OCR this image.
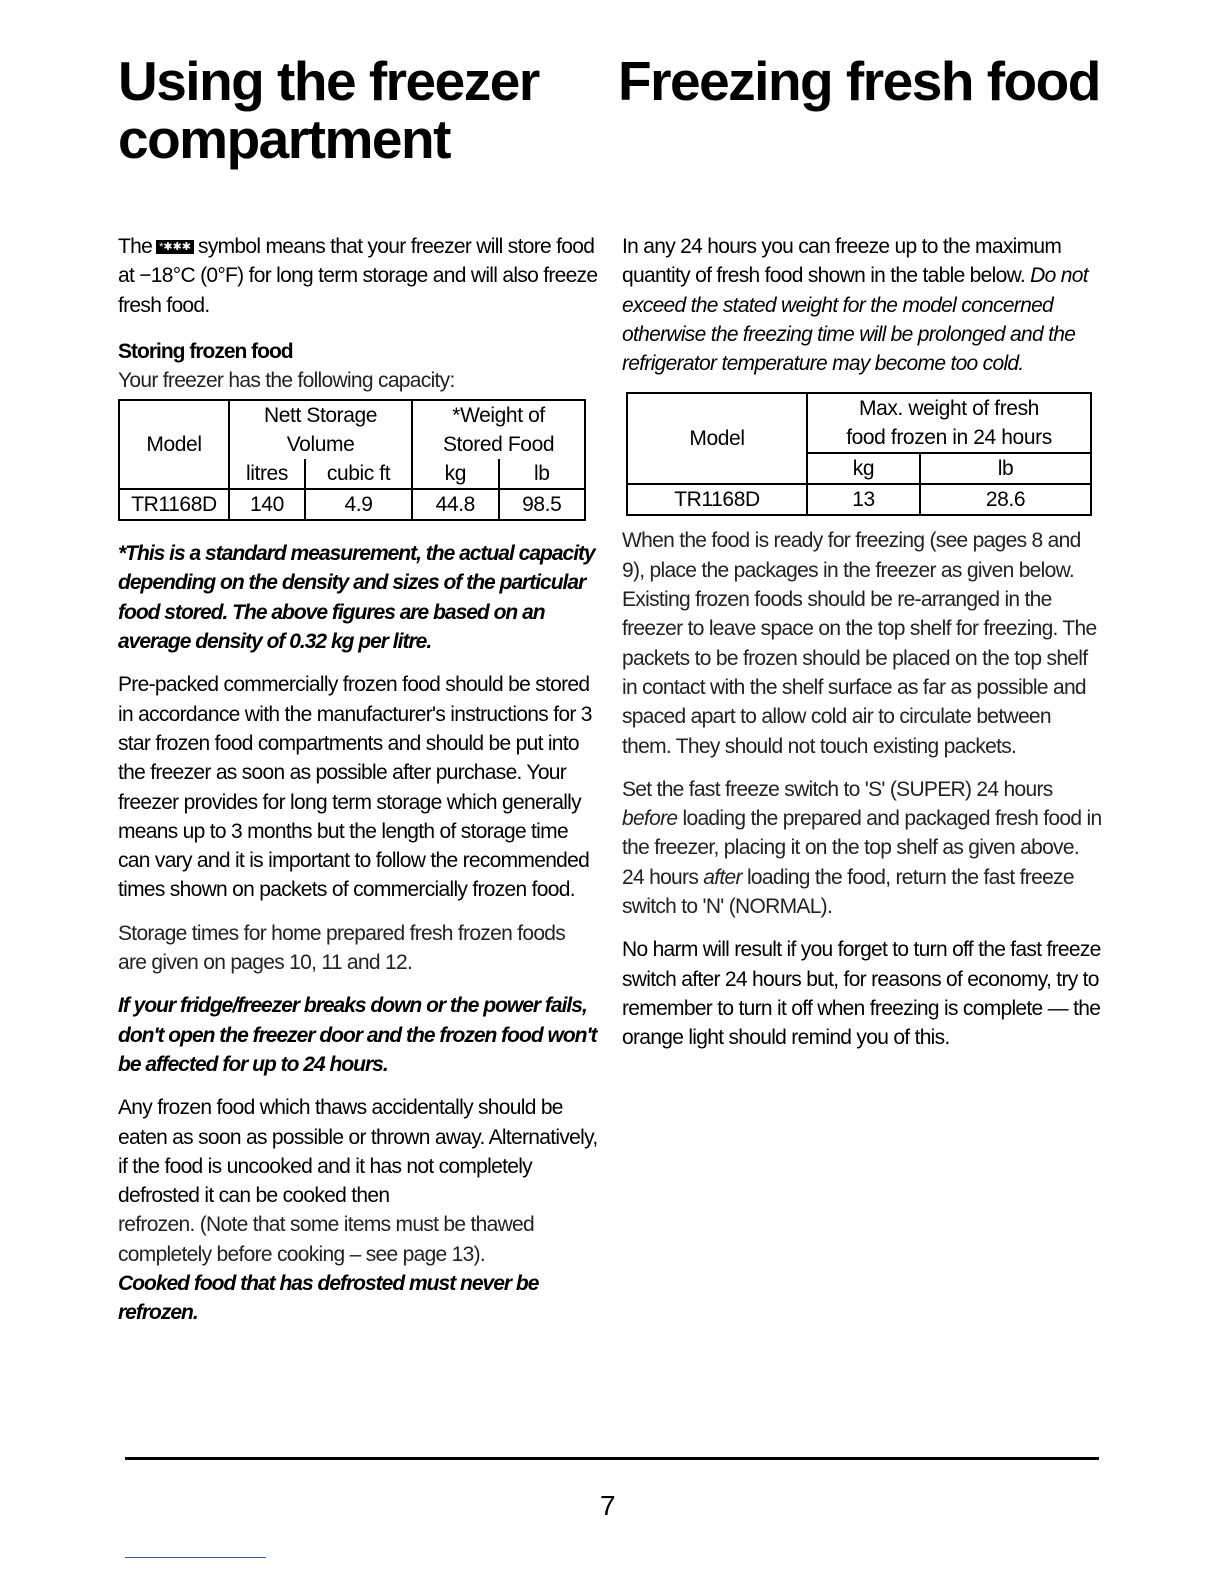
Using the freezer compartment
Freezing fresh food

The *✱✱✱ symbol means that your freezer will store food at −18°C (0°F) for long term storage and will also freeze fresh food.

Storing frozen food

Your freezer has the following capacity:

Model	Nett Storage Volume		*Weight of Stored Food	
	litres	cubic ft	kg	lb
TR1168D	140	4.9	44.8	98.5

*This is a standard measurement, the actual capacity depending on the density and sizes of the particular food stored. The above figures are based on an average density of 0.32 kg per litre.

Pre-packed commercially frozen food should be stored in accordance with the manufacturer's instructions for 3 star frozen food compartments and should be put into the freezer as soon as possible after purchase. Your freezer provides for long term storage which generally means up to 3 months but the length of storage time can vary and it is important to follow the recommended times shown on packets of commercially frozen food.

Storage times for home prepared fresh frozen foods are given on pages 10, 11 and 12.

If your fridge/freezer breaks down or the power fails, don't open the freezer door and the frozen food won't be affected for up to 24 hours.

Any frozen food which thaws accidentally should be eaten as soon as possible or thrown away. Alternatively, if the food is uncooked and it has not completely defrosted it can be cooked then

refrozen. (Note that some items must be thawed completely before cooking – see page 13).

Cooked food that has defrosted must never be refrozen.

In any 24 hours you can freeze up to the maximum quantity of fresh food shown in the table below. Do not exceed the stated weight for the model concerned otherwise the freezing time will be prolonged and the refrigerator temperature may become too cold.

Model	Max. weight of fresh food frozen in 24 hours	
	kg	lb
TR1168D	13	28.6

When the food is ready for freezing (see pages 8 and 9), place the packages in the freezer as given below. Existing frozen foods should be re-arranged in the freezer to leave space on the top shelf for freezing. The packets to be frozen should be placed on the top shelf in contact with the shelf surface as far as possible and spaced apart to allow cold air to circulate between them. They should not touch existing packets.

Set the fast freeze switch to 'S' (SUPER) 24 hours before loading the prepared and packaged fresh food in the freezer, placing it on the top shelf as given above. 24 hours after loading the food, return the fast freeze switch to 'N' (NORMAL).

No harm will result if you forget to turn off the fast freeze switch after 24 hours but, for reasons of economy, try to remember to turn it off when freezing is complete — the orange light should remind you of this.

7
